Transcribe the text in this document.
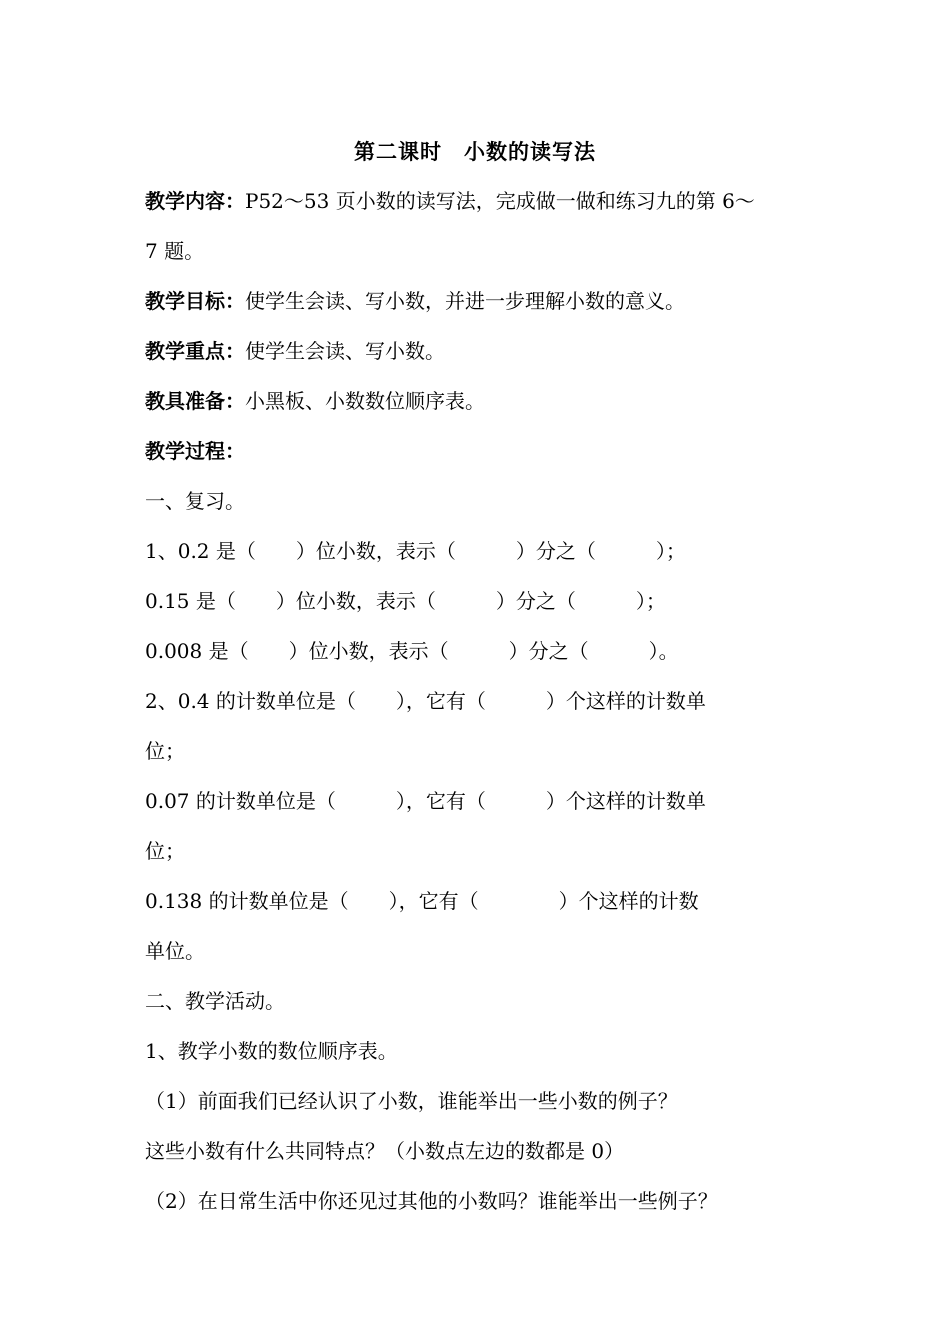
第二课时　小数的读写法
教学内容：P52～53 页小数的读写法，完成做一做和练习九的第 6～
7 题。
教学目标：使学生会读、写小数，并进一步理解小数的意义。
教学重点：使学生会读、写小数。
教具准备：小黑板、小数数位顺序表。
教学过程：
一、复习。
1、0.2 是（　　）位小数，表示（　　　）分之（　　　）；
0.15 是（　　）位小数，表示（　　　）分之（　　　）；
0.008 是（　　）位小数，表示（　　　）分之（　　　）。
2、0.4 的计数单位是（　　），它有（　　　）个这样的计数单
位；
0.07 的计数单位是（　　　），它有（　　　）个这样的计数单
位；
0.138 的计数单位是（　　），它有（　　　　）个这样的计数
单位。
二、教学活动。
1、教学小数的数位顺序表。
（1）前面我们已经认识了小数，谁能举出一些小数的例子？
这些小数有什么共同特点？（小数点左边的数都是 0）
（2）在日常生活中你还见过其他的小数吗？谁能举出一些例子？
